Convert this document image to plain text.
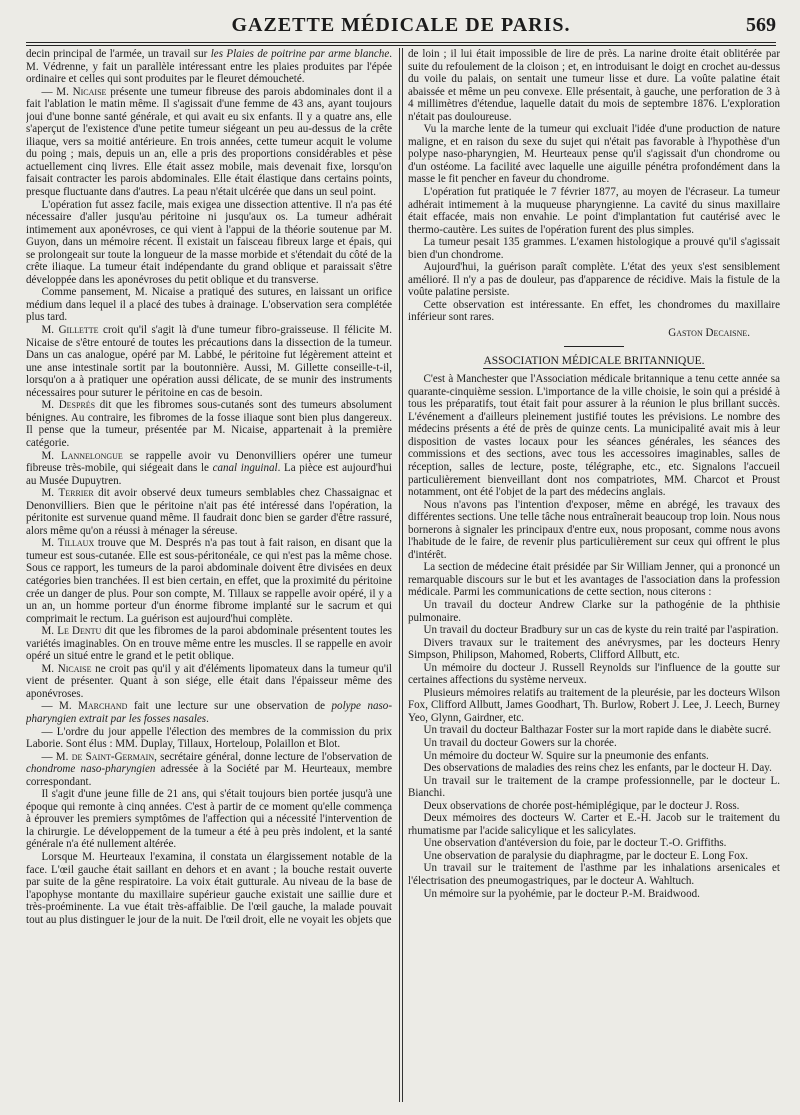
GAZETTE MÉDICALE DE PARIS.	569

decin principal de l'armée, un travail sur les Plaies de poitrine par arme blanche. M. Védrenne, y fait un parallèle intéressant entre les plaies produites par l'épée ordinaire et celles qui sont produites par le fleuret démoucheté.

— M. Nicaise présente une tumeur fibreuse des parois abdominales dont il a fait l'ablation le matin même. Il s'agissait d'une femme de 43 ans, ayant toujours joui d'une bonne santé générale, et qui avait eu six enfants. Il y a quatre ans, elle s'aperçut de l'existence d'une petite tumeur siégeant un peu au-dessus de la crête iliaque, vers sa moitié antérieure. En trois années, cette tumeur acquit le volume du poing ; mais, depuis un an, elle a pris des proportions considérables et pèse actuellement cinq livres. Elle était assez mobile, mais devenait fixe, lorsqu'on faisait contracter les parois abdominales. Elle était élastique dans certains points, presque fluctuante dans d'autres. La peau n'était ulcérée que dans un seul point.

L'opération fut assez facile, mais exigea une dissection attentive. Il n'a pas été nécessaire d'aller jusqu'au péritoine ni jusqu'aux os. La tumeur adhérait intimement aux aponévroses, ce qui vient à l'appui de la théorie soutenue par M. Guyon, dans un mémoire récent. Il existait un faisceau fibreux large et épais, qui se prolongeait sur toute la longueur de la masse morbide et s'étendait du côté de la crête iliaque. La tumeur était indépendante du grand oblique et paraissait s'être développée dans les aponévroses du petit oblique et du transverse.

Comme pansement, M. Nicaise a pratiqué des sutures, en laissant un orifice médium dans lequel il a placé des tubes à drainage. L'observation sera complétée plus tard.

M. Gillette croit qu'il s'agit là d'une tumeur fibro-graisseuse. Il félicite M. Nicaise de s'être entouré de toutes les précautions dans la dissection de la tumeur. Dans un cas analogue, opéré par M. Labbé, le péritoine fut légèrement atteint et une anse intestinale sortit par la boutonnière. Aussi, M. Gillette conseille-t-il, lorsqu'on a à pratiquer une opération aussi délicate, de se munir des instruments nécessaires pour suturer le péritoine en cas de besoin.

M. Després dit que les fibromes sous-cutanés sont des tumeurs absolument bénignes. Au contraire, les fibromes de la fosse iliaque sont bien plus dangereux. Il pense que la tumeur, présentée par M. Nicaise, appartenait à la première catégorie.

M. Lannelongue se rappelle avoir vu Denonvilliers opérer une tumeur fibreuse très-mobile, qui siégeait dans le canal inguinal. La pièce est aujourd'hui au Musée Dupuytren.

M. Terrier dit avoir observé deux tumeurs semblables chez Chassaignac et Denonvilliers. Bien que le péritoine n'ait pas été intéressé dans l'opération, la péritonite est survenue quand même. Il faudrait donc bien se garder d'être rassuré, alors même qu'on a réussi à ménager la séreuse.

M. Tillaux trouve que M. Després n'a pas tout à fait raison, en disant que la tumeur est sous-cutanée. Elle est sous-péritonéale, ce qui n'est pas la même chose. Sous ce rapport, les tumeurs de la paroi abdominale doivent être divisées en deux catégories bien tranchées. Il est bien certain, en effet, que la proximité du péritoine crée un danger de plus. Pour son compte, M. Tillaux se rappelle avoir opéré, il y a un an, un homme porteur d'un énorme fibrome implanté sur le sacrum et qui comprimait le rectum. La guérison est aujourd'hui complète.

M. Le Dentu dit que les fibromes de la paroi abdominale présentent toutes les variétés imaginables. On en trouve même entre les muscles. Il se rappelle en avoir opéré un situé entre le grand et le petit oblique.

M. Nicaise ne croit pas qu'il y ait d'éléments lipomateux dans la tumeur qu'il vient de présenter. Quant à son siége, elle était dans l'épaisseur même des aponévroses.

— M. Marchand fait une lecture sur une observation de polype naso-pharyngien extrait par les fosses nasales.

— L'ordre du jour appelle l'élection des membres de la commission du prix Laborie. Sont élus : MM. Duplay, Tillaux, Horteloup, Polaillon et Blot.

— M. de Saint-Germain, secrétaire général, donne lecture de l'observation de chondrome naso-pharyngien adressée à la Société par M. Heurteaux, membre correspondant.

Il s'agit d'une jeune fille de 21 ans, qui s'était toujours bien portée jusqu'à une époque qui remonte à cinq années. C'est à partir de ce moment qu'elle commença à éprouver les premiers symptômes de l'affection qui a nécessité l'intervention de la chirurgie. Le développement de la tumeur a été à peu près indolent, et la santé générale n'a été nullement altérée.

Lorsque M. Heurteaux l'examina, il constata un élargissement notable de la face. L'œil gauche était saillant en dehors et en avant ; la bouche restait ouverte par suite de la gêne respiratoire. La voix était gutturale. Au niveau de la base de l'apophyse montante du maxillaire supérieur gauche existait une saillie dure et très-proéminente. La vue était très-affaiblie. De l'œil gauche, la malade pouvait tout au plus distinguer le jour de la nuit. De l'œil droit, elle ne voyait les objets que

de loin ; il lui était impossible de lire de près. La narine droite était oblitérée par suite du refoulement de la cloison ; et, en introduisant le doigt en crochet au-dessus du voile du palais, on sentait une tumeur lisse et dure. La voûte palatine était abaissée et même un peu convexe. Elle présentait, à gauche, une perforation de 3 à 4 millimètres d'étendue, laquelle datait du mois de septembre 1876. L'exploration n'était pas douloureuse.

Vu la marche lente de la tumeur qui excluait l'idée d'une production de nature maligne, et en raison du sexe du sujet qui n'était pas favorable à l'hypothèse d'un polype naso-pharyngien, M. Heurteaux pense qu'il s'agissait d'un chondrome ou d'un ostéome. La facilité avec laquelle une aiguille pénétra profondément dans la masse le fit pencher en faveur du chondrome.

L'opération fut pratiquée le 7 février 1877, au moyen de l'écraseur. La tumeur adhérait intimement à la muqueuse pharyngienne. La cavité du sinus maxillaire était effacée, mais non envahie. Le point d'implantation fut cautérisé avec le thermo-cautère. Les suites de l'opération furent des plus simples.

La tumeur pesait 135 grammes. L'examen histologique a prouvé qu'il s'agissait bien d'un chondrome.

Aujourd'hui, la guérison paraît complète. L'état des yeux s'est sensiblement amélioré. Il n'y a pas de douleur, pas d'apparence de récidive. Mais la fistule de la voûte palatine persiste.

Cette observation est intéressante. En effet, les chondromes du maxillaire inférieur sont rares.

Gaston Decaisne.
ASSOCIATION MÉDICALE BRITANNIQUE.

C'est à Manchester que l'Association médicale britannique a tenu cette année sa quarante-cinquième session. L'importance de la ville choisie, le soin qui a présidé à tous les préparatifs, tout était fait pour assurer à la réunion le plus brillant succès. L'événement a d'ailleurs pleinement justifié toutes les prévisions. Le nombre des médecins présents a été de près de quinze cents. La municipalité avait mis à leur disposition de vastes locaux pour les séances générales, les séances des commissions et des sections, avec tous les accessoires imaginables, salles de réception, salles de lecture, poste, télégraphe, etc., etc. Signalons l'accueil particulièrement bienveillant dont nos compatriotes, MM. Charcot et Proust notamment, ont été l'objet de la part des médecins anglais.

Nous n'avons pas l'intention d'exposer, même en abrégé, les travaux des différentes sections. Une telle tâche nous entraînerait beaucoup trop loin. Nous nous bornerons à signaler les principaux d'entre eux, nous proposant, comme nous avons l'habitude de le faire, de revenir plus particulièrement sur ceux qui offrent le plus d'intérêt.

La section de médecine était présidée par Sir William Jenner, qui a prononcé un remarquable discours sur le but et les avantages de l'association dans la profession médicale. Parmi les communications de cette section, nous citerons :

Un travail du docteur Andrew Clarke sur la pathogénie de la phthisie pulmonaire.

Un travail du docteur Bradbury sur un cas de kyste du rein traité par l'aspiration.

Divers travaux sur le traitement des anévrysmes, par les docteurs Henry Simpson, Philipson, Mahomed, Roberts, Clifford Allbutt, etc.

Un mémoire du docteur J. Russell Reynolds sur l'influence de la goutte sur certaines affections du système nerveux.

Plusieurs mémoires relatifs au traitement de la pleurésie, par les docteurs Wilson Fox, Clifford Allbutt, James Goodhart, Th. Burlow, Robert J. Lee, J. Leech, Burney Yeo, Glynn, Gairdner, etc.

Un travail du docteur Balthazar Foster sur la mort rapide dans le diabète sucré.

Un travail du docteur Gowers sur la chorée.

Un mémoire du docteur W. Squire sur la pneumonie des enfants.

Des observations de maladies des reins chez les enfants, par le docteur H. Day.

Un travail sur le traitement de la crampe professionnelle, par le docteur L. Bianchi.

Deux observations de chorée post-hémiplégique, par le docteur J. Ross.

Deux mémoires des docteurs W. Carter et E.-H. Jacob sur le traitement du rhumatisme par l'acide salicylique et les salicylates.

Une observation d'antéversion du foie, par le docteur T.-O. Griffiths.

Une observation de paralysie du diaphragme, par le docteur E. Long Fox.

Un travail sur le traitement de l'asthme par les inhalations arsenicales et l'électrisation des pneumogastriques, par le docteur A. Wahltuch.

Un mémoire sur la pyohémie, par le docteur P.-M. Braidwood.
